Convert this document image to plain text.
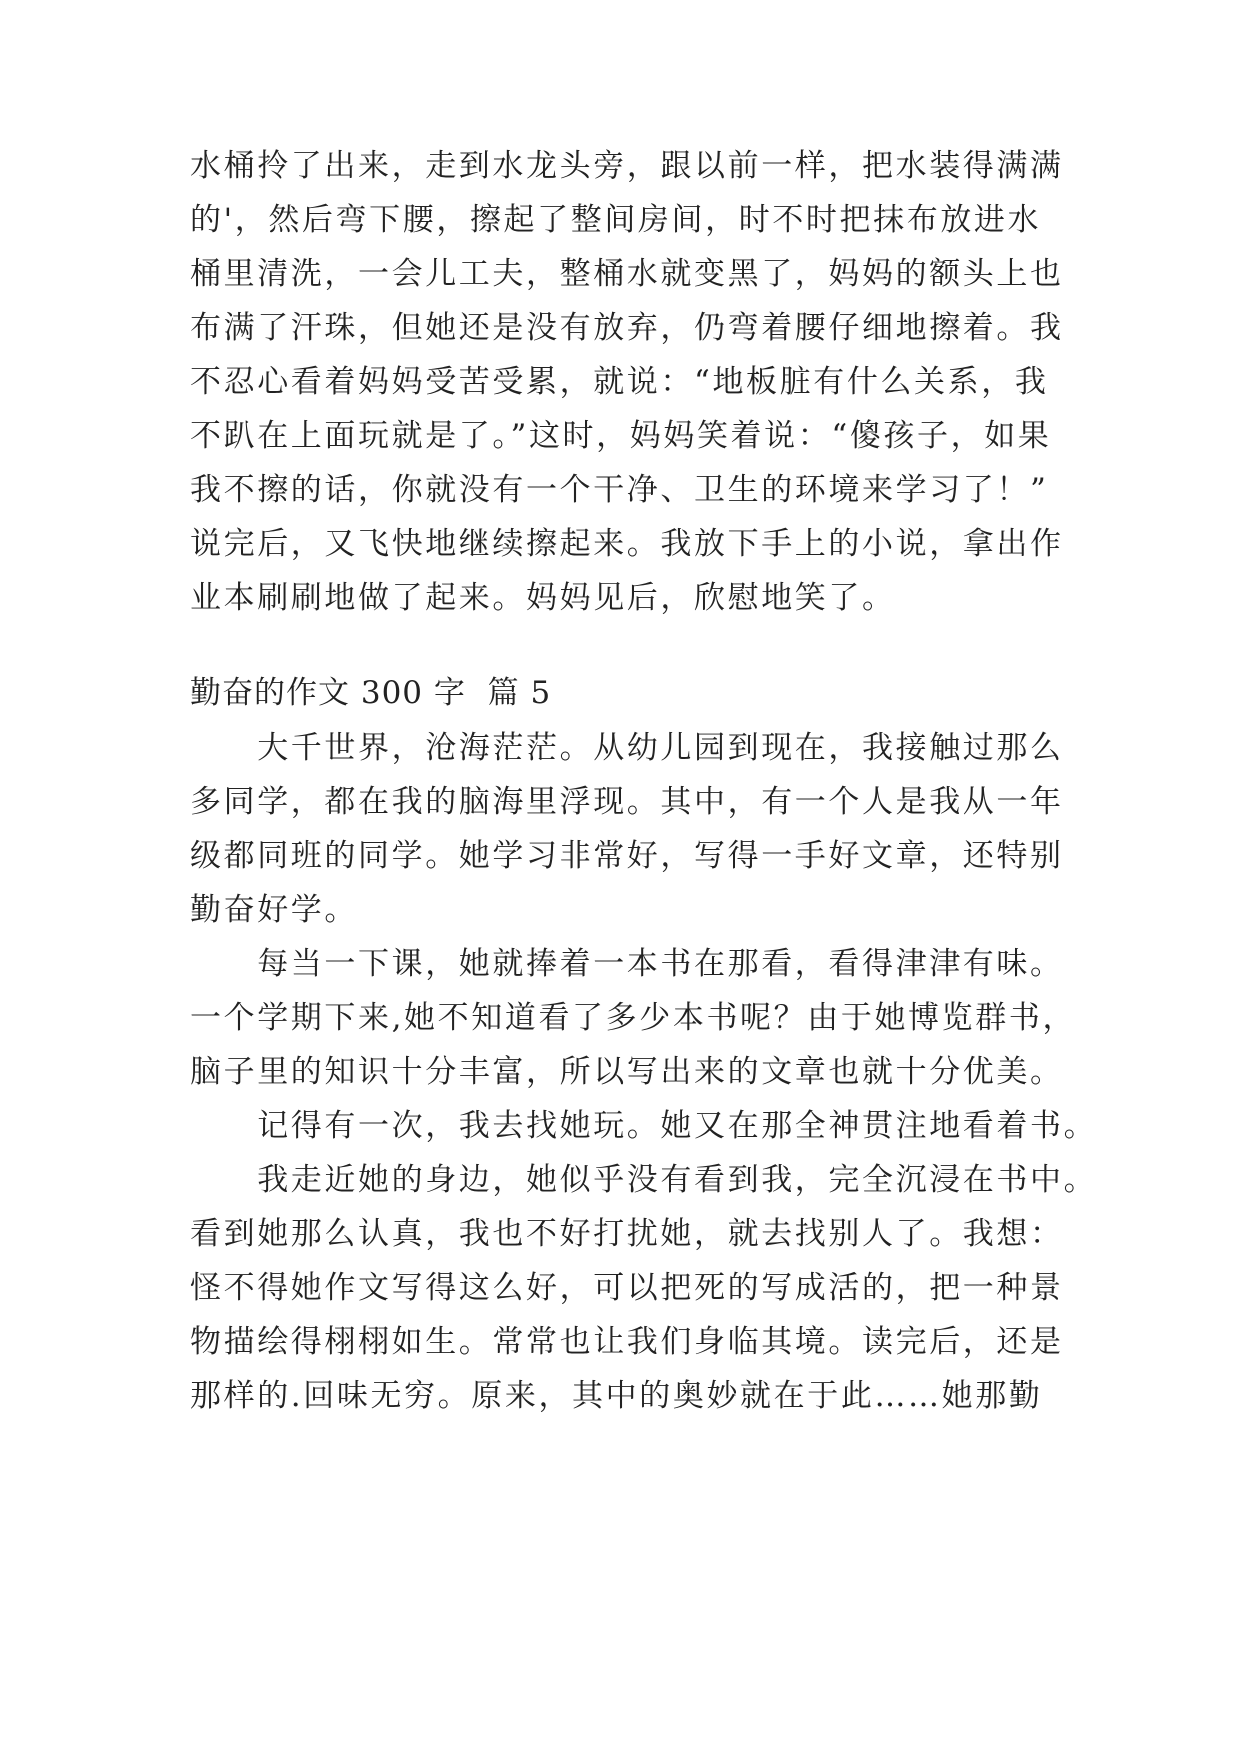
水桶拎了出来，走到水龙头旁，跟以前一样，把水装得满满
的'，然后弯下腰，擦起了整间房间，时不时把抹布放进水
桶里清洗，一会儿工夫，整桶水就变黑了，妈妈的额头上也
布满了汗珠，但她还是没有放弃，仍弯着腰仔细地擦着。我
不忍心看着妈妈受苦受累，就说：“地板脏有什么关系，我
不趴在上面玩就是了。”这时，妈妈笑着说：“傻孩子，如果
我不擦的话，你就没有一个干净、卫生的环境来学习了！”
说完后，又飞快地继续擦起来。我放下手上的小说，拿出作
业本刷刷地做了起来。妈妈见后，欣慰地笑了。
勤奋的作文 300 字  篇 5
　　大千世界，沧海茫茫。从幼儿园到现在，我接触过那么
多同学，都在我的脑海里浮现。其中，有一个人是我从一年
级都同班的同学。她学习非常好，写得一手好文章，还特别
勤奋好学。
　　每当一下课，她就捧着一本书在那看，看得津津有味。
一个学期下来,她不知道看了多少本书呢？由于她博览群书，
脑子里的知识十分丰富，所以写出来的文章也就十分优美。
　　记得有一次，我去找她玩。她又在那全神贯注地看着书。
　　我走近她的身边，她似乎没有看到我，完全沉浸在书中。
看到她那么认真，我也不好打扰她，就去找别人了。我想：
怪不得她作文写得这么好，可以把死的写成活的，把一种景
物描绘得栩栩如生。常常也让我们身临其境。读完后，还是
那样的.回味无穷。原来，其中的奥妙就在于此……她那勤
